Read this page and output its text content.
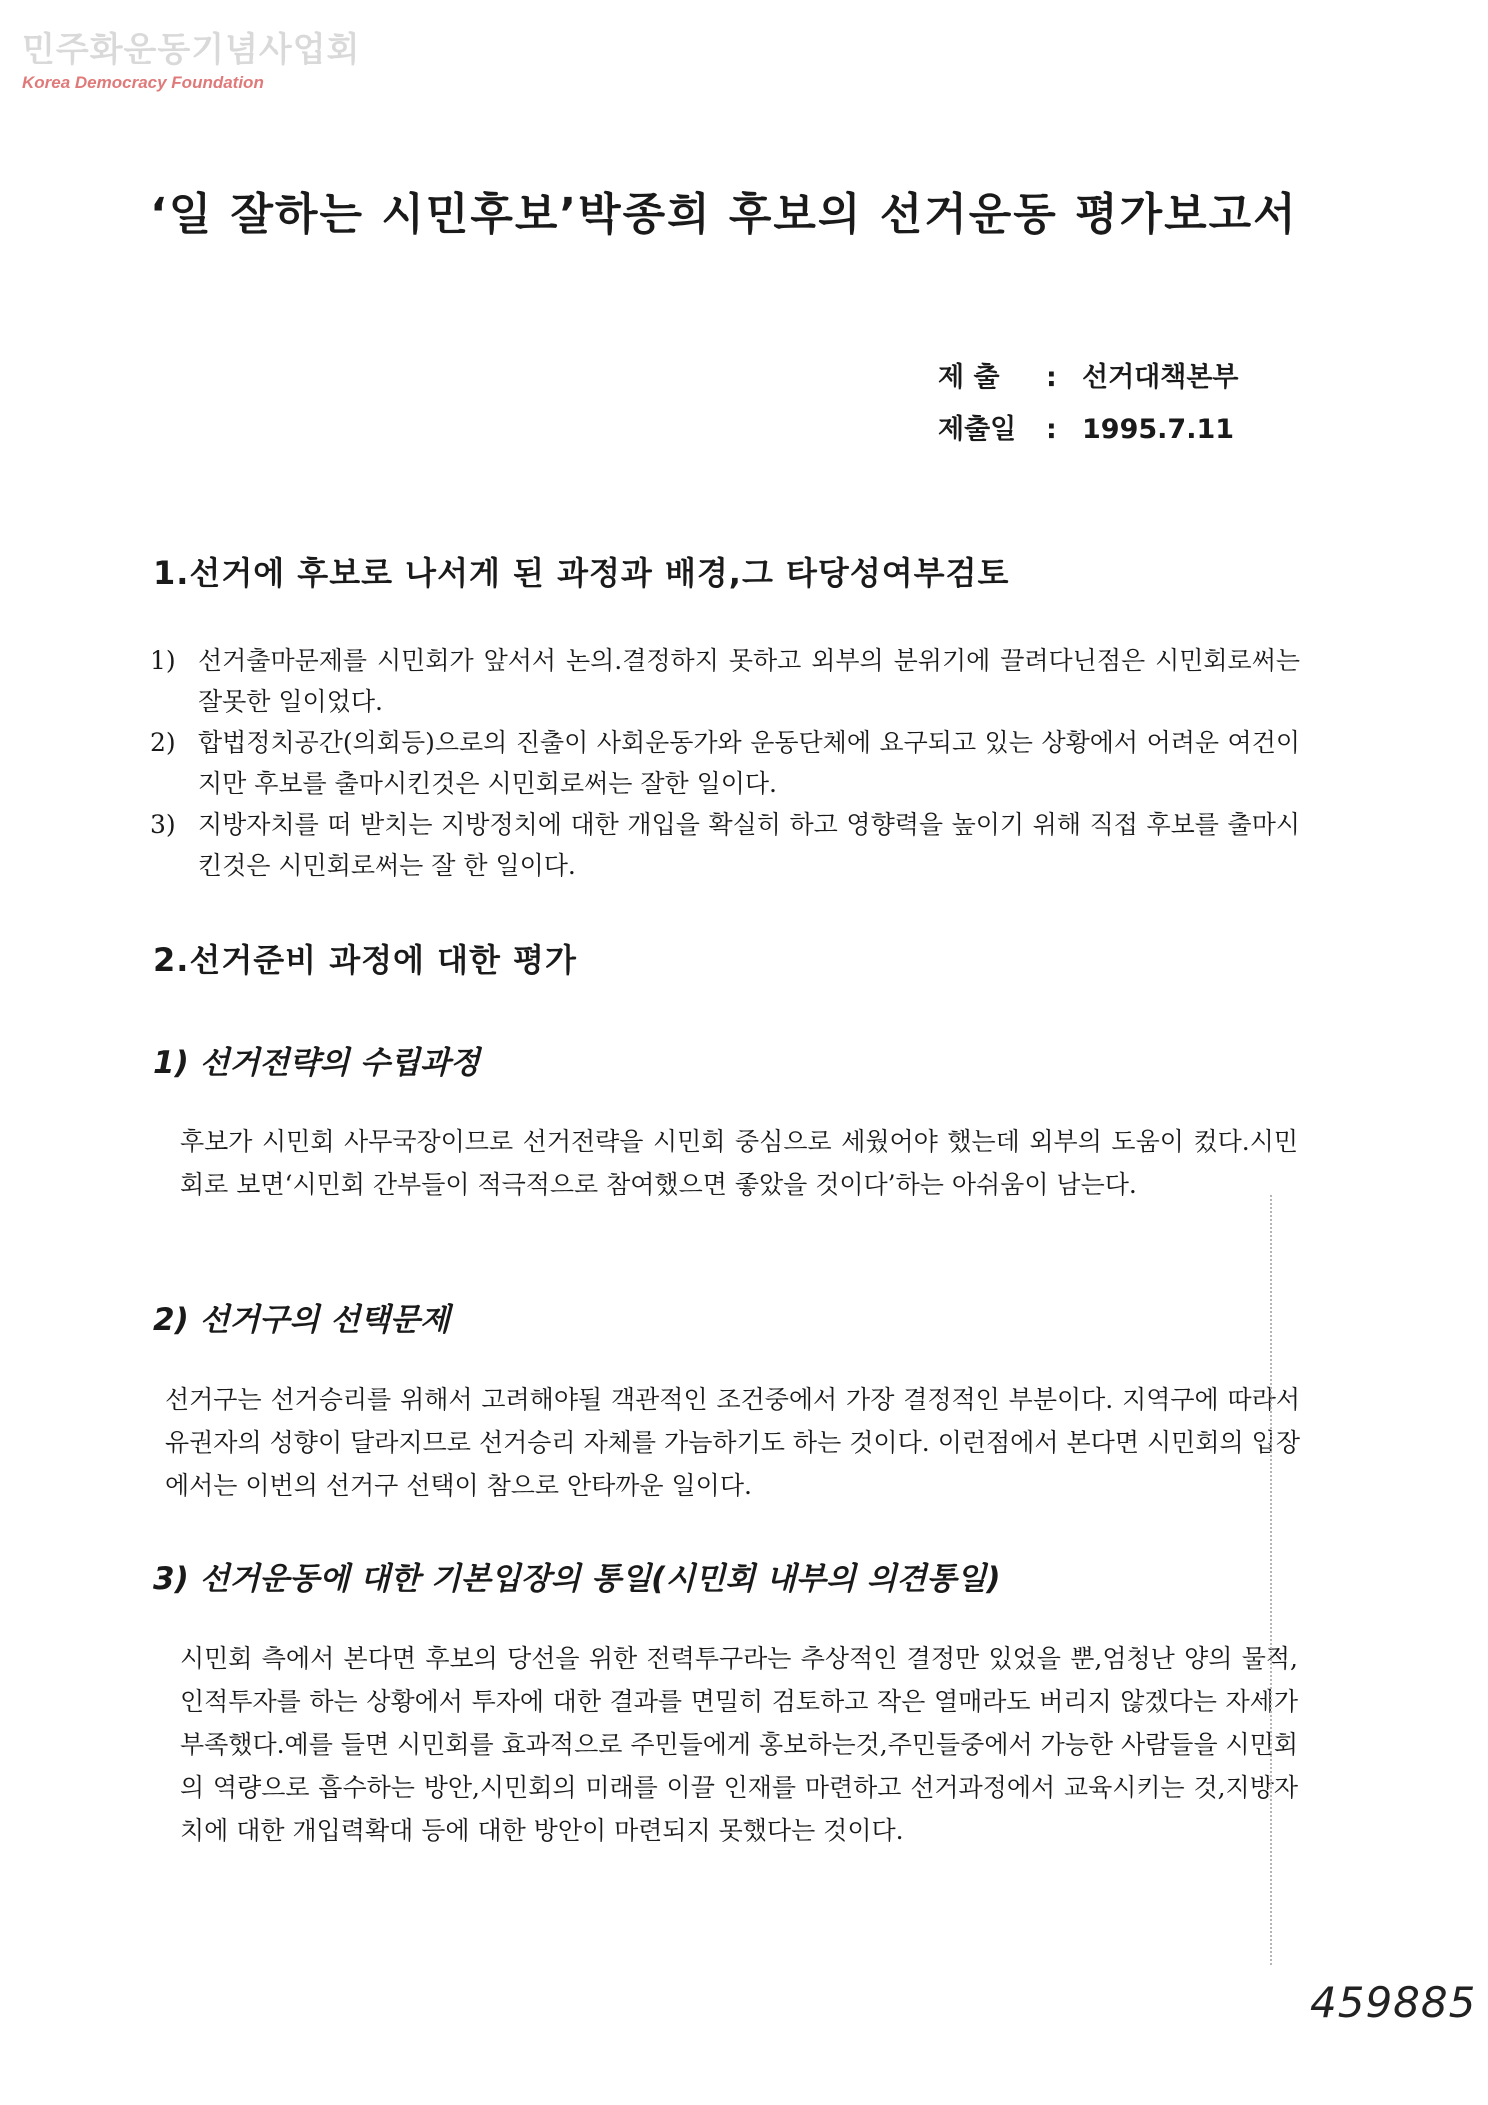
민주화운동기념사업회
Korea Democracy Foundation
‘일 잘하는 시민후보’박종희 후보의 선거운동 평가보고서
제 출	: 선거대책본부
제출일	: 1995.7.11
1.선거에 후보로 나서게 된 과정과 배경,그 타당성여부검토
1) 선거출마문제를 시민회가 앞서서 논의.결정하지 못하고 외부의 분위기에 끌려다닌점은 시민회로써는 잘못한 일이었다.
2) 합법정치공간(의회등)으로의 진출이 사회운동가와 운동단체에 요구되고 있는 상황에서 어려운 여건이지만 후보를 출마시킨것은 시민회로써는 잘한 일이다.
3) 지방자치를 떠 받치는 지방정치에 대한 개입을 확실히 하고 영향력을 높이기 위해 직접 후보를 출마시킨것은 시민회로써는 잘 한 일이다.
2.선거준비 과정에 대한 평가
1) 선거전략의 수립과정
후보가 시민회 사무국장이므로 선거전략을 시민회 중심으로 세웠어야 했는데 외부의 도움이 컸다.시민회로 보면‘시민회 간부들이 적극적으로 참여했으면 좋았을 것이다’하는 아쉬움이 남는다.
2) 선거구의 선택문제
선거구는 선거승리를 위해서 고려해야될 객관적인 조건중에서 가장 결정적인 부분이다. 지역구에 따라서 유권자의 성향이 달라지므로 선거승리 자체를 가늠하기도 하는 것이다. 이런점에서 본다면 시민회의 입장에서는 이번의 선거구 선택이 참으로 안타까운 일이다.
3) 선거운동에 대한 기본입장의 통일(시민회 내부의 의견통일)
시민회 측에서 본다면 후보의 당선을 위한 전력투구라는 추상적인 결정만 있었을 뿐,엄청난 양의 물적,인적투자를 하는 상황에서 투자에 대한 결과를 면밀히 검토하고 작은 열매라도 버리지 않겠다는 자세가 부족했다.예를 들면 시민회를 효과적으로 주민들에게 홍보하는것,주민들중에서 가능한 사람들을 시민회의 역량으로 흡수하는 방안,시민회의 미래를 이끌 인재를 마련하고 선거과정에서 교육시키는 것,지방자치에 대한 개입력확대 등에 대한 방안이 마련되지 못했다는 것이다.
459885
